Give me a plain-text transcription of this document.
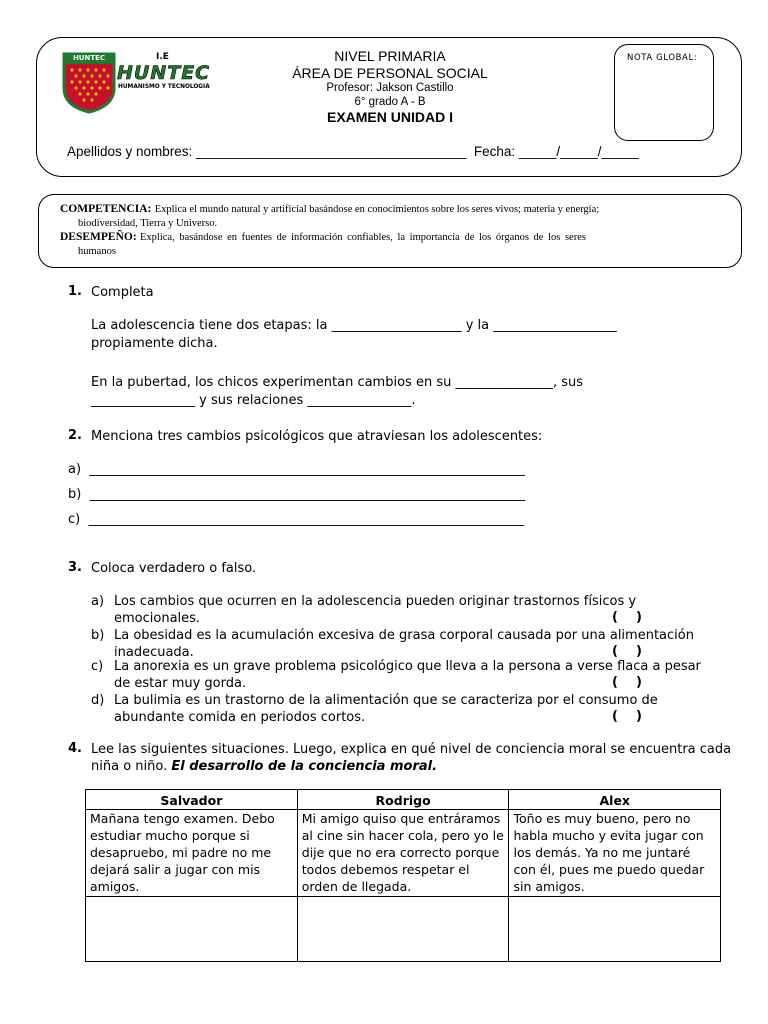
HUNTEC	I.E
HUNTEC
HUMANISMO Y TECNOLOGIA
NIVEL PRIMARIA
ÁREA DE PERSONAL SOCIAL
Profesor: Jakson Castillo
6° grado A - B
EXAMEN UNIDAD I
NOTA GLOBAL:
Apellidos y nombres: ____________________________________  Fecha: _____/_____/_____
COMPETENCIA: Explica el mundo natural y artificial basándose en conocimientos sobre los seres vivos; materia y energía;
biodiversidad, Tierra y Universo.
DESEMPEÑO: Explica, basándose en fuentes de información confiables, la importancia de los órganos de los seres
humanos
1. Completa
La adolescencia tiene dos etapas: la ____________________ y la ___________________
propiamente dicha.
En la pubertad, los chicos experimentan cambios en su _______________, sus
________________ y sus relaciones ________________.
2. Menciona tres cambios psicológicos que atraviesan los adolescentes:
a)  ___________________________________________________________________
b)  ___________________________________________________________________
c)  ___________________________________________________________________
3. Coloca verdadero o falso.
a) Los cambios que ocurren en la adolescencia pueden originar trastornos físicos y
emocionales.	(    )
b) La obesidad es la acumulación excesiva de grasa corporal causada por una alimentación
inadecuada.	(    )
c) La anorexia es un grave problema psicológico que lleva a la persona a verse flaca a pesar
de estar muy gorda.	(    )
d) La bulimia es un trastorno de la alimentación que se caracteriza por el consumo de
abundante comida en periodos cortos.	(    )
4. Lee las siguientes situaciones. Luego, explica en qué nivel de conciencia moral se encuentra cada
niña o niño. El desarrollo de la conciencia moral.
Salvador	Rodrigo	Alex
Mañana tengo examen. Debo estudiar mucho porque si desapruebo, mi padre no me dejará salir a jugar con mis amigos.	Mi amigo quiso que entráramos al cine sin hacer cola, pero yo le dije que no era correcto porque todos debemos respetar el orden de llegada.	Toño es muy bueno, pero no habla mucho y evita jugar con los demás. Ya no me juntaré con él, pues me puedo quedar sin amigos.
